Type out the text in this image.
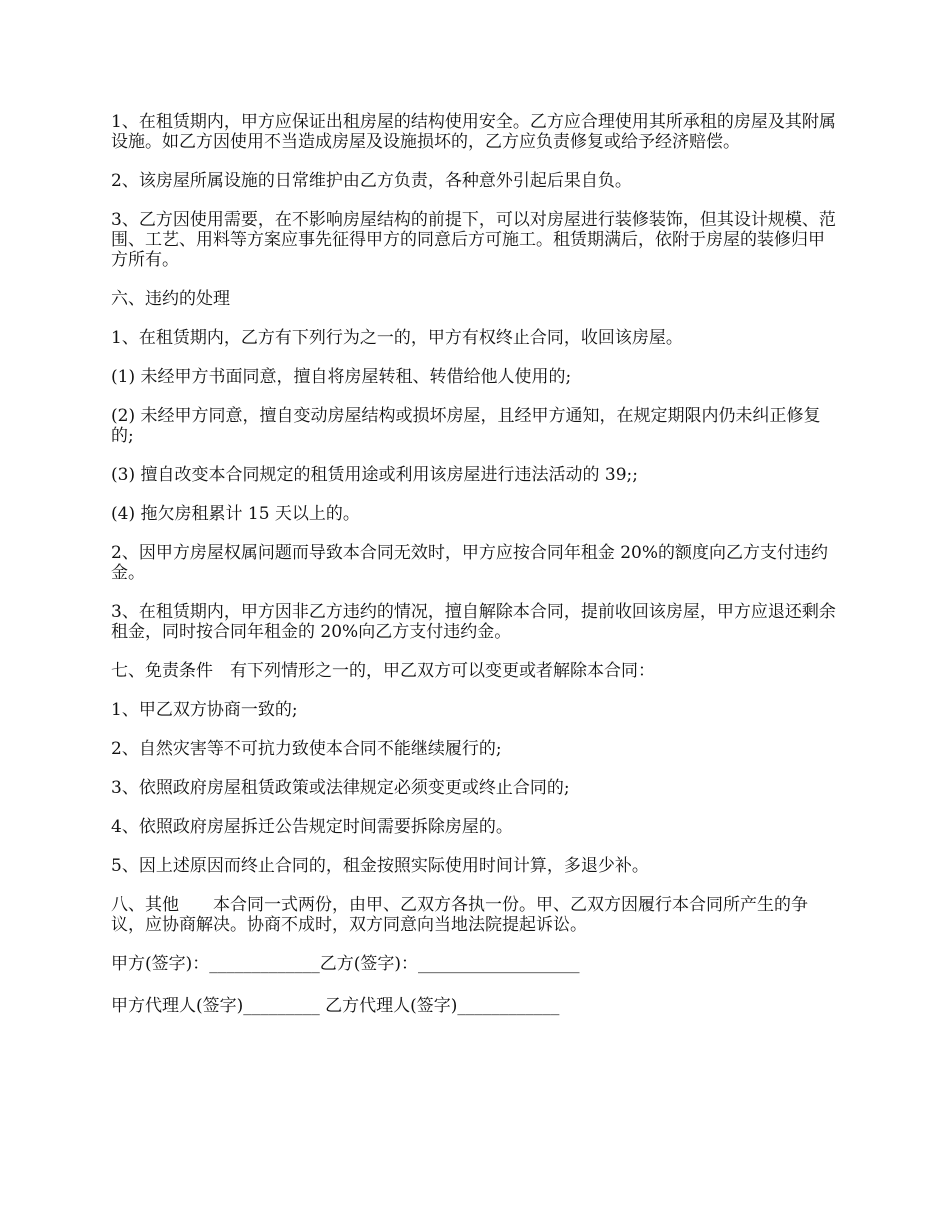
1、在租赁期内，甲方应保证出租房屋的结构使用安全。乙方应合理使用其所承租的房屋及其附属设施。如乙方因使用不当造成房屋及设施损坏的，乙方应负责修复或给予经济赔偿。

2、该房屋所属设施的日常维护由乙方负责，各种意外引起后果自负。

3、乙方因使用需要，在不影响房屋结构的前提下，可以对房屋进行装修装饰，但其设计规模、范围、工艺、用料等方案应事先征得甲方的同意后方可施工。租赁期满后，依附于房屋的装修归甲方所有。

六、违约的处理

1、在租赁期内，乙方有下列行为之一的，甲方有权终止合同，收回该房屋。

(1) 未经甲方书面同意，擅自将房屋转租、转借给他人使用的;

(2) 未经甲方同意，擅自变动房屋结构或损坏房屋，且经甲方通知，在规定期限内仍未纠正修复的;

(3) 擅自改变本合同规定的租赁用途或利用该房屋进行违法活动的 39;;

(4) 拖欠房租累计 15 天以上的。

2、因甲方房屋权属问题而导致本合同无效时，甲方应按合同年租金 20%的额度向乙方支付违约金。

3、在租赁期内，甲方因非乙方违约的情况，擅自解除本合同，提前收回该房屋，甲方应退还剩余租金，同时按合同年租金的 20%向乙方支付违约金。

七、免责条件　有下列情形之一的，甲乙双方可以变更或者解除本合同：

1、甲乙双方协商一致的;

2、自然灾害等不可抗力致使本合同不能继续履行的;

3、依照政府房屋租赁政策或法律规定必须变更或终止合同的;

4、依照政府房屋拆迁公告规定时间需要拆除房屋的。

5、因上述原因而终止合同的，租金按照实际使用时间计算，多退少补。

八、其他　　本合同一式两份，由甲、乙双方各执一份。甲、乙双方因履行本合同所产生的争议，应协商解决。协商不成时，双方同意向当地法院提起诉讼。

甲方(签字)：_____________乙方(签字)：___________________
甲方代理人(签字)_________ 乙方代理人(签字)____________
